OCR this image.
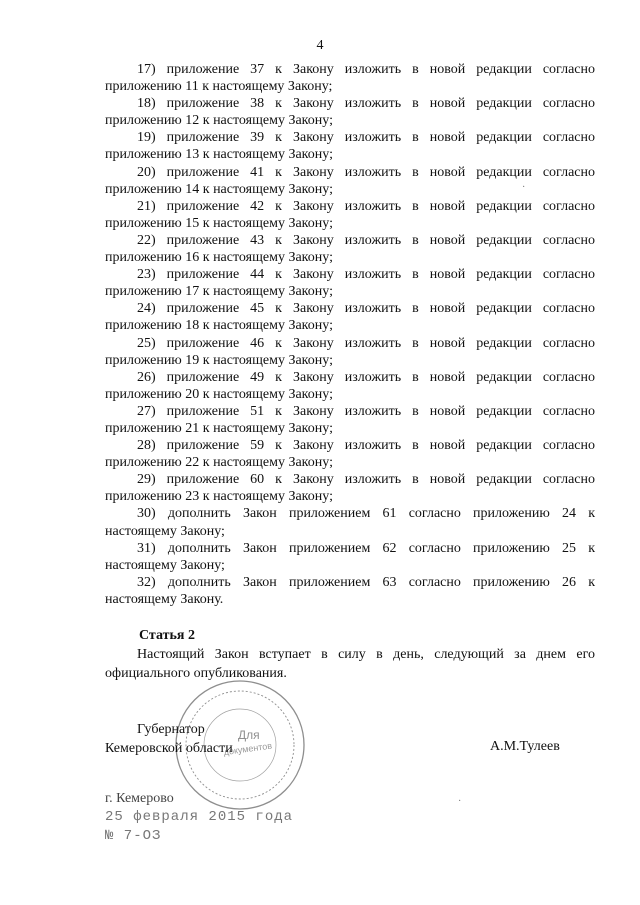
4
17) приложение 37 к Закону изложить в новой редакции согласно
приложению 11 к настоящему Закону;
18) приложение 38 к Закону изложить в новой редакции согласно
приложению 12 к настоящему Закону;
19) приложение 39 к Закону изложить в новой редакции согласно
приложению 13 к настоящему Закону;
20) приложение 41 к Закону изложить в новой редакции согласно
приложению 14 к настоящему Закону;
21) приложение 42 к Закону изложить в новой редакции согласно
приложению 15 к настоящему Закону;
22) приложение 43 к Закону изложить в новой редакции согласно
приложению 16 к настоящему Закону;
23) приложение 44 к Закону изложить в новой редакции согласно
приложению 17 к настоящему Закону;
24) приложение 45 к Закону изложить в новой редакции согласно
приложению 18 к настоящему Закону;
25) приложение 46 к Закону изложить в новой редакции согласно
приложению 19 к настоящему Закону;
26) приложение 49 к Закону изложить в новой редакции согласно
приложению 20 к настоящему Закону;
27) приложение 51 к Закону изложить в новой редакции согласно
приложению 21 к настоящему Закону;
28) приложение 59 к Закону изложить в новой редакции согласно
приложению 22 к настоящему Закону;
29) приложение 60 к Закону изложить в новой редакции согласно
приложению 23 к настоящему Закону;
30) дополнить Закон приложением 61 согласно приложению 24 к
настоящему Закону;
31) дополнить Закон приложением 62 согласно приложению 25 к
настоящему Закону;
32) дополнить Закон приложением 63 согласно приложению 26 к
настоящему Закону.
Статья 2
Настоящий Закон вступает в силу в день, следующий за днем его
официального опубликования.
Для
документов
Губернатор
Кемеровской области	А.М.Тулеев
·
·
г. Кемерово
25 февраля 2015 года
№ 7-ОЗ
